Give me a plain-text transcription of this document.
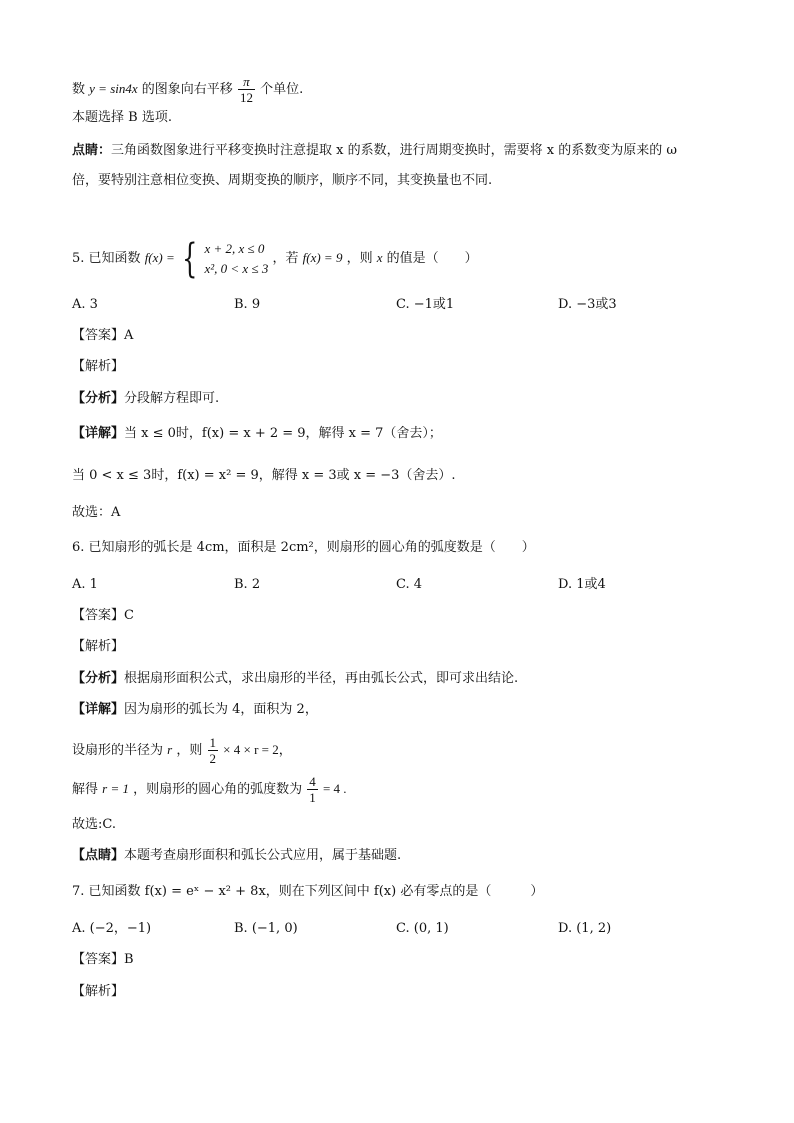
数 y = sin4x 的图象向右平移 $\frac{\pi}{12}$ 个单位.
本题选择 B 选项.
点睛：三角函数图象进行平移变换时注意提取 x 的系数，进行周期变换时，需要将 x 的系数变为原来的 ω
倍，要特别注意相位变换、周期变换的顺序，顺序不同，其变换量也不同.
5. 已知函数 f(x) = { x + 2, x ≤ 0
x², 0 < x ≤ 3
，若 f(x) = 9 ，则 x 的值是（　　）
A. 3	B. 9	C. −1或1	D. −3或3
【答案】A
【解析】
【分析】分段解方程即可.
【详解】当 x ≤ 0时，f(x) = x + 2 = 9，解得 x = 7（舍去）；
当 0 < x ≤ 3时，f(x) = x² = 9，解得 x = 3或 x = −3（舍去）.
故选：A
6. 已知扇形的弧长是 4cm，面积是 2cm²，则扇形的圆心角的弧度数是（　　）
A. 1	B. 2	C. 4	D. 1或4
【答案】C
【解析】
【分析】根据扇形面积公式，求出扇形的半径，再由弧长公式，即可求出结论.
【详解】因为扇形的弧长为 4，面积为 2，
设扇形的半径为 r ，则 $\frac{1}{2} \times 4 \times r = 2$，
解得 r = 1 ，则扇形的圆心角的弧度数为 $\frac{4}{1} = 4$ .
故选:C.
【点睛】本题考查扇形面积和弧长公式应用，属于基础题.
7. 已知函数 f(x) = eˣ − x² + 8x，则在下列区间中 f(x) 必有零点的是（　　　）
A. (−2，−1)	B. (−1, 0)	C. (0, 1)	D. (1, 2)
【答案】B
【解析】
